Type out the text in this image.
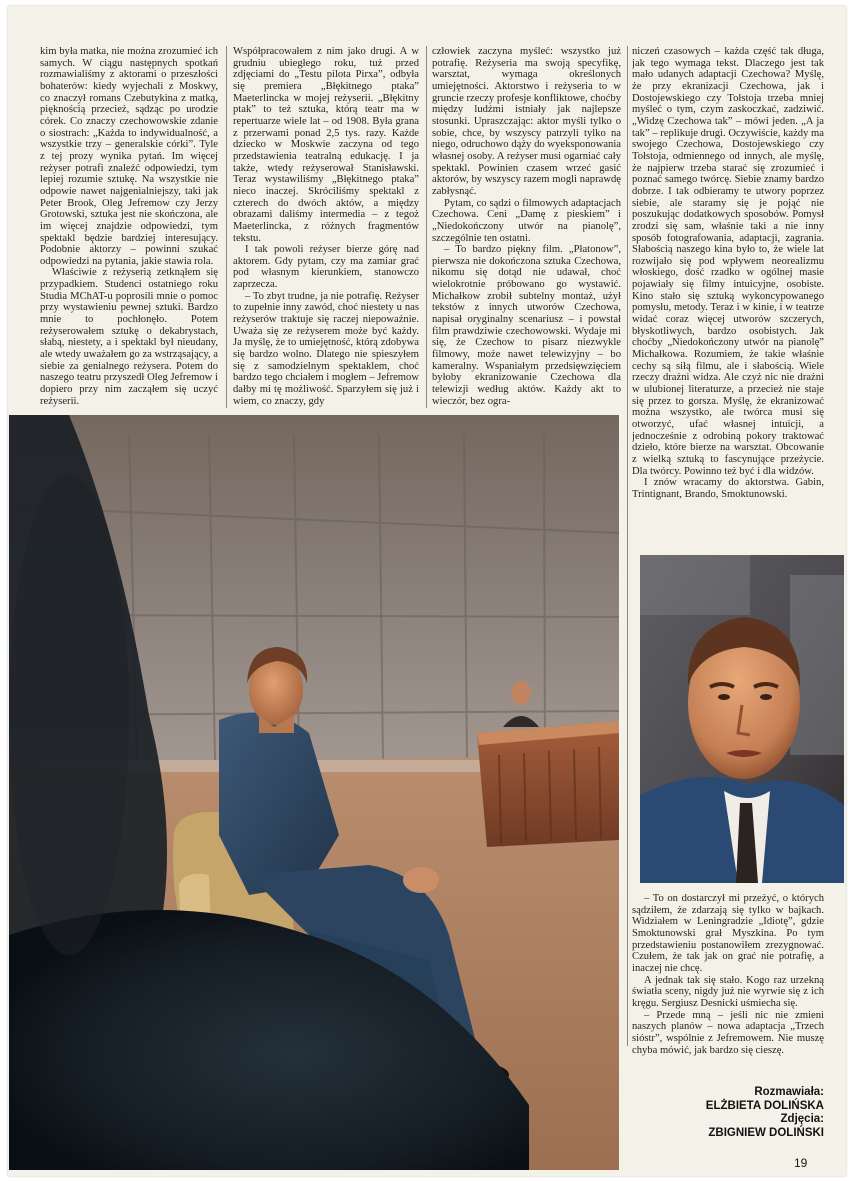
kim była matka, nie można zrozumieć ich samych. W ciągu następnych spotkań rozmawialiśmy z aktorami o przeszłości bohaterów: kiedy wyjechali z Moskwy, co znaczył romans Czebutykina z matką, pięknością przecież, sądząc po urodzie córek. Co znaczy czechowowskie zdanie o siostrach: „Każda to indywidualność, a wszystkie trzy – generalskie córki”. Tyle z tej prozy wynika pytań. Im więcej reżyser potrafi znaleźć odpowiedzi, tym lepiej rozumie sztukę. Na wszystkie nie odpowie nawet najgenialniejszy, taki jak Peter Brook, Oleg Jefremow czy Jerzy Grotowski, sztuka jest nie skończona, ale im więcej znajdzie odpowiedzi, tym spektakl będzie bardziej interesujący. Podobnie aktorzy – powinni szukać odpowiedzi na pytania, jakie stawia rola.

Właściwie z reżyserią zetknąłem się przypadkiem. Studenci ostatniego roku Studia MChAT-u poprosili mnie o pomoc przy wystawieniu pewnej sztuki. Bardzo mnie to pochłonęło. Potem reżyserowałem sztukę o dekabrystach, słabą, niestety, a i spektakl był nieudany, ale wtedy uważałem go za wstrząsający, a siebie za genialnego reżysera. Potem do naszego teatru przyszedł Oleg Jefremow i dopiero przy nim zacząłem się uczyć reżyserii.

Współpracowałem z nim jako drugi. A w grudniu ubiegłego roku, tuż przed zdjęciami do „Testu pilota Pirxa”, odbyła się premiera „Błękitnego ptaka” Maeterlincka w mojej reżyserii. „Błękitny ptak” to też sztuka, którą teatr ma w repertuarze wiele lat – od 1908. Była grana z przerwami ponad 2,5 tys. razy. Każde dziecko w Moskwie zaczyna od tego przedstawienia teatralną edukację. I ja także, wtedy reżyserował Stanisławski. Teraz wystawiliśmy „Błękitnego ptaka” nieco inaczej. Skróciliśmy spektakl z czterech do dwóch aktów, a między obrazami daliśmy intermedia – z tegoż Maeterlincka, z różnych fragmentów tekstu.

I tak powoli reżyser bierze górę nad aktorem. Gdy pytam, czy ma zamiar grać pod własnym kierunkiem, stanowczo zaprzecza.

– To zbyt trudne, ja nie potrafię. Reżyser to zupełnie inny zawód, choć niestety u nas reżyserów traktuje się raczej niepoważnie. Uważa się ze reżyserem może być każdy. Ja myślę, że to umiejętność, którą zdobywa się bardzo wolno. Dlatego nie spieszyłem się z samodzielnym spektaklem, choć bardzo tego chciałem i mogłem – Jefremow dałby mi tę możliwość. Sparzyłem się już i wiem, co znaczy, gdy

człowiek zaczyna myśleć: wszystko już potrafię. Reżyseria ma swoją specyfikę, warsztat, wymaga określonych umiejętności. Aktorstwo i reżyseria to w gruncie rzeczy profesje konfliktowe, choćby między ludźmi istniały jak najlepsze stosunki. Upraszczając: aktor myśli tylko o sobie, chce, by wszyscy patrzyli tylko na niego, odruchowo dąży do wyeksponowania własnej osoby. A reżyser musi ogarniać cały spektakl. Powinien czasem wrzeć gasić aktorów, by wszyscy razem mogli naprawdę zabłysnąć.

Pytam, co sądzi o filmowych adaptacjach Czechowa. Ceni „Damę z pieskiem” i „Niedokończony utwór na pianolę”, szczególnie ten ostatni.

– To bardzo piękny film. „Płatonow”, pierwsza nie dokończona sztuka Czechowa, nikomu się dotąd nie udawał, choć wielokrotnie próbowano go wystawić. Michałkow zrobił subtelny montaż, użył tekstów z innych utworów Czechowa, napisał oryginalny scenariusz – i powstał film prawdziwie czechowowski. Wydaje mi się, że Czechow to pisarz niezwykle filmowy, może nawet telewizyjny – bo kameralny. Wspaniałym przedsięwzięciem byłoby ekranizowanie Czechowa dla telewizji według aktów. Każdy akt to wieczór, bez ogra-

niczeń czasowych – każda część tak długa, jak tego wymaga tekst. Dlaczego jest tak mało udanych adaptacji Czechowa? Myślę, że przy ekranizacji Czechowa, jak i Dostojewskiego czy Tołstoja trzeba mniej myśleć o tym, czym zaskoczkać, zadziwić. „Widzę Czechowa tak” – mówi jeden. „A ja tak” – replikuje drugi. Oczywiście, każdy ma swojego Czechowa, Dostojewskiego czy Tołstoja, odmiennego od innych, ale myślę, że najpierw trzeba starać się zrozumieć i poznać samego twórcę. Siebie znamy bardzo dobrze. I tak odbieramy te utwory poprzez siebie, ale staramy się je pojąć nie poszukując dodatkowych sposobów. Pomysł zrodzi się sam, właśnie taki a nie inny sposób fotografowania, adaptacji, zagrania. Słabością naszego kina było to, że wiele lat rozwijało się pod wpływem neorealizmu włoskiego, dość rzadko w ogólnej masie pojawiały się filmy intuicyjne, osobiste. Kino stało się sztuką wykoncypowanego pomysłu, metody. Teraz i w kinie, i w teatrze widać coraz więcej utworów szczerych, błyskotliwych, bardzo osobistych. Jak choćby „Niedokończony utwór na pianolę” Michałkowa. Rozumiem, że takie właśnie cechy są siłą filmu, ale i słabością. Wiele rzeczy drażni widza. Ale czyż nic nie drażni w ulubionej literaturze, a przecież nie staje się przez to gorsza. Myślę, że ekranizować można wszystko, ale twórca musi się otworzyć, ufać własnej intuicji, a jednocześnie z odrobiną pokory traktować dzieło, które bierze na warsztat. Obcowanie z wielką sztuką to fascynujące przeżycie. Dla twórcy. Powinno też być i dla widzów.

I znów wracamy do aktorstwa. Gabin, Trintignant, Brando, Smoktunowski.

– To on dostarczył mi przeżyć, o których sądziłem, że zdarzają się tylko w bajkach. Widziałem w Leningradzie „Idiotę”, gdzie Smoktunowski grał Myszkina. Po tym przedstawieniu postanowiłem zrezygnować. Czułem, że tak jak on grać nie potrafię, a inaczej nie chcę.

A jednak tak się stało. Kogo raz urzekną światła sceny, nigdy już nie wyrwie się z ich kręgu. Sergiusz Desnicki uśmiecha się.

– Przede mną – jeśli nic nie zmieni naszych planów – nowa adaptacja „Trzech sióstr”, wspólnie z Jefremowem. Nie muszę chyba mówić, jak bardzo się cieszę.

Rozmawiała:
ELŻBIETA DOLIŃSKA
Zdjęcia:
ZBIGNIEW DOLIŃSKI
19
